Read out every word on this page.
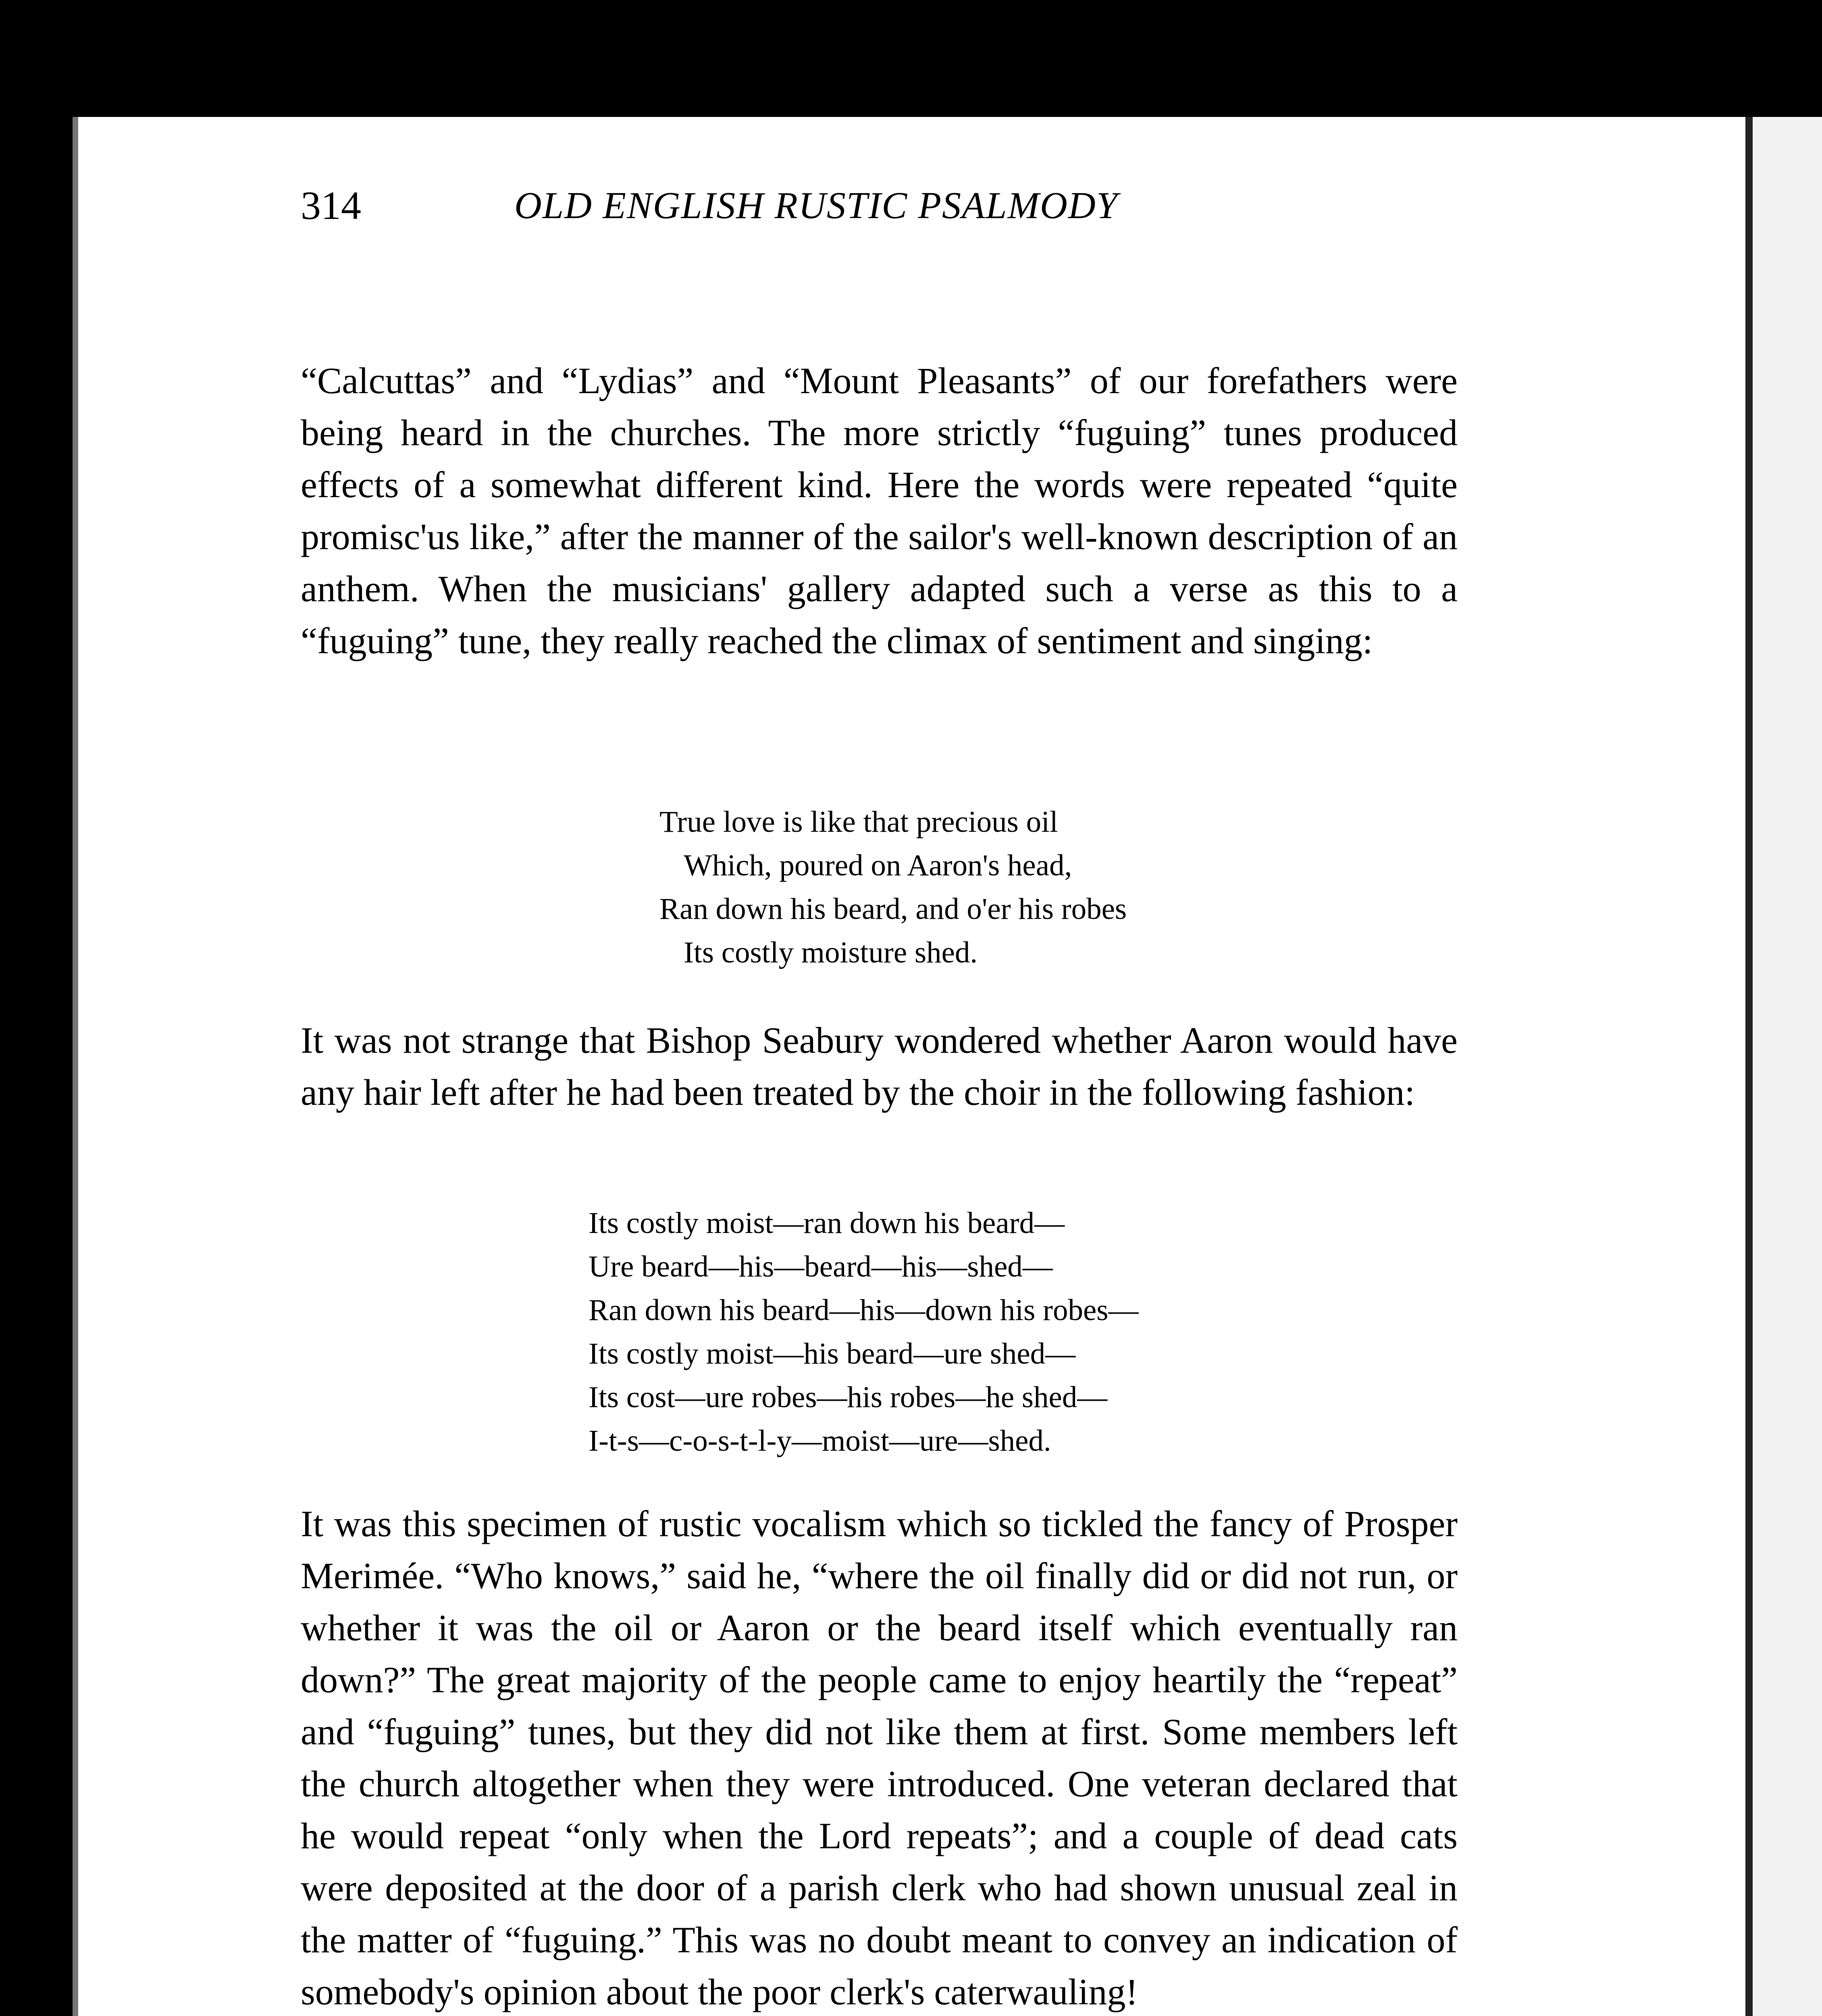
314	OLD ENGLISH RUSTIC PSALMODY

“Calcuttas” and “Lydias” and “Mount Pleasants” of our forefathers were being heard in the churches. The more strictly “fuguing” tunes produced effects of a somewhat different kind. Here the words were repeated “quite promisc'us like,” after the manner of the sailor's well-known description of an anthem. When the musicians' gallery adapted such a verse as this to a “fuguing” tune, they really reached the climax of sentiment and singing:

True love is like that precious oil
Which, poured on Aaron's head,
Ran down his beard, and o'er his robes
Its costly moisture shed.

It was not strange that Bishop Seabury wondered whether Aaron would have any hair left after he had been treated by the choir in the following fashion:

Its costly moist—ran down his beard—
Ure beard—his—beard—his—shed—
Ran down his beard—his—down his robes—
Its costly moist—his beard—ure shed—
Its cost—ure robes—his robes—he shed—
I-t-s—c-o-s-t-l-y—moist—ure—shed.

It was this specimen of rustic vocalism which so tickled the fancy of Prosper Merimée. “Who knows,” said he, “where the oil finally did or did not run, or whether it was the oil or Aaron or the beard itself which eventually ran down?” The great majority of the people came to enjoy heartily the “repeat” and “fuguing” tunes, but they did not like them at first. Some members left the church altogether when they were introduced. One veteran declared that he would repeat “only when the Lord repeats”; and a couple of dead cats were deposited at the door of a parish clerk who had shown unusual zeal in the matter of “fuguing.” This was no doubt meant to convey an indication of somebody's opinion about the poor clerk's caterwauling!
